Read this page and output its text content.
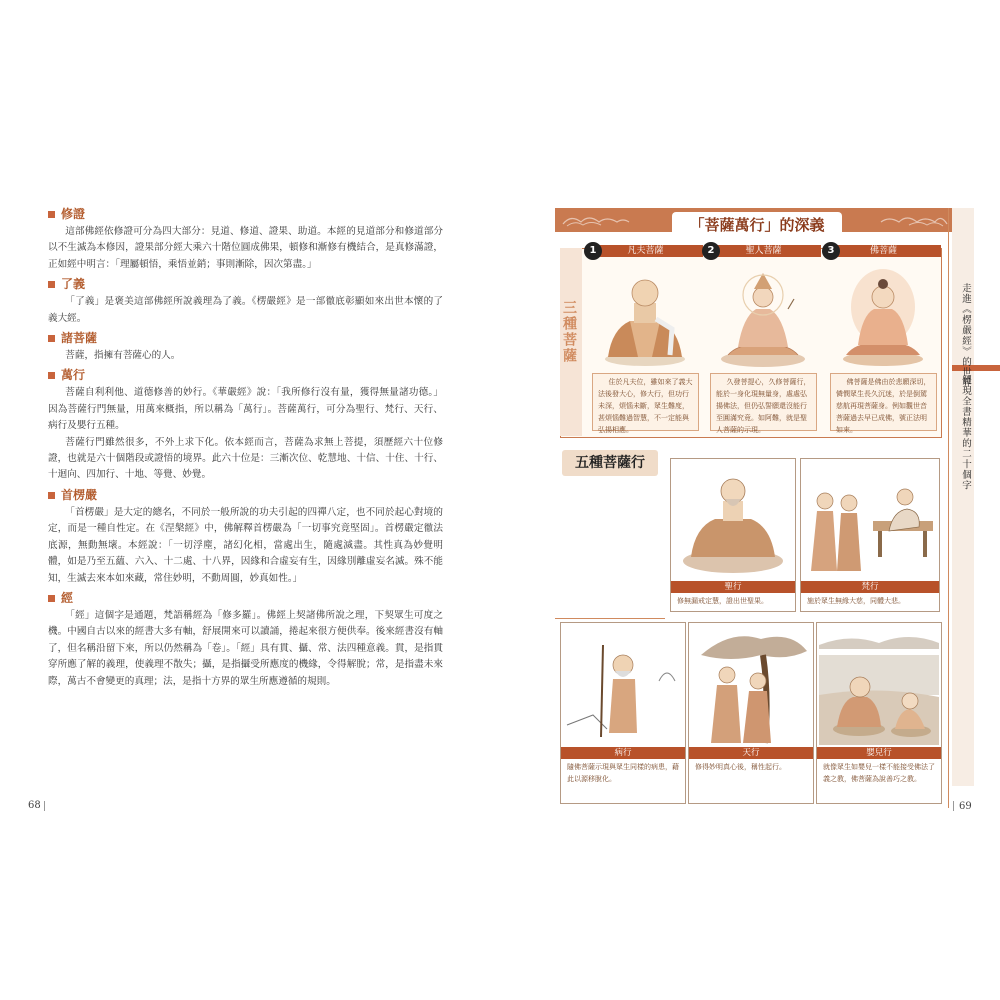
修證

這部佛經依修證可分為四大部分：見道、修道、證果、助道。本經的見道部分和修道部分以不生滅為本修因，證果部分經大乘六十階位圓成佛果，頓修和漸修有機結合，是真修滿證，正如經中明言：「理屬頓悟，乘悟並銷；事則漸除，因次第盡。」

了義

「了義」是褒美這部佛經所說義理為了義。《楞嚴經》是一部徹底彰顯如來出世本懷的了義大經。

諸菩薩

菩薩，指擁有菩薩心的人。

萬行

菩薩自利利他、道德修善的妙行。《華嚴經》說：「我所修行沒有量，獲得無量諸功德。」因為菩薩行門無量，用萬來概指，所以稱為「萬行」。菩薩萬行，可分為聖行、梵行、天行、病行及嬰行五種。

菩薩行門雖然很多，不外上求下化。依本經而言，菩薩為求無上菩提，須歷經六十位修證，也就是六十個階段或證悟的境界。此六十位是：三漸次位、乾慧地、十信、十住、十行、十迴向、四加行、十地、等覺、妙覺。

首楞嚴

「首楞嚴」是大定的總名，不同於一般所說的功夫引起的四禪八定，也不同於起心對境的定，而是一種自性定。在《涅槃經》中，佛解釋首楞嚴為「一切事究竟堅固」。首楞嚴定徹法底源，無動無壞。本經說：「一切浮塵，諸幻化相，當處出生，隨處滅盡。其性真為妙覺明體，如是乃至五蘊、六入、十二處、十八界，因緣和合虛妄有生，因緣別離虛妄名滅。殊不能知，生滅去來本如來藏，常住妙明，不動周圓，妙真如性。」

經

「經」這個字是通題，梵語稱經為「修多羅」。佛經上契諸佛所說之理，下契眾生可度之機。中國自古以來的經書大多有軸，舒展開來可以讀誦，捲起來很方便供奉。後來經書沒有軸了，但名稱沿留下來，所以仍然稱為「卷」。「經」具有貫、攝、常、法四種意義。貫，是指貫穿所應了解的義理，使義理不散失；攝，是指攝受所應度的機緣，令得解脫；常，是指盡未來際，萬古不會變更的真理；法，是指十方界的眾生所應遵循的規則。

68
「菩薩萬行」的深義
三種菩薩
凡夫菩薩
1
住於凡夫位，雖如來了義大法後發大心，修大行，但功行未深，煩惱未斷，眾生難度，甚煩惱難過智慧，不一定能與弘揚相應。
聖人菩薩
2
久發菩提心，久修菩薩行，能於一身化現無量身，處處弘揚佛法，但仍弘誓願還沒能行至圓滿究竟。如阿難，就是聖人菩薩的示現。
佛菩薩
3
佛菩薩是佛由於悲願深切，憐憫眾生長久沉迷，於是倒駕慈航再現菩薩身。例如觀世音菩薩過去早已成佛，號正法明如來。
五種菩薩行
聖行
修無漏戒定慧，證出世聖果。
梵行
施於眾生無緣大慈，同體大悲。
病行
隨佛菩薩示現與眾生同樣的病患，藉此以源移脫化。
天行
修得妙明真心後，稱性起行。
嬰兒行
就像眾生如嬰兒一樣不能接受佛法了義之教，佛菩薩為說善巧之教。
走進《楞嚴經》的世界
體現全書精華的二十個字
69
